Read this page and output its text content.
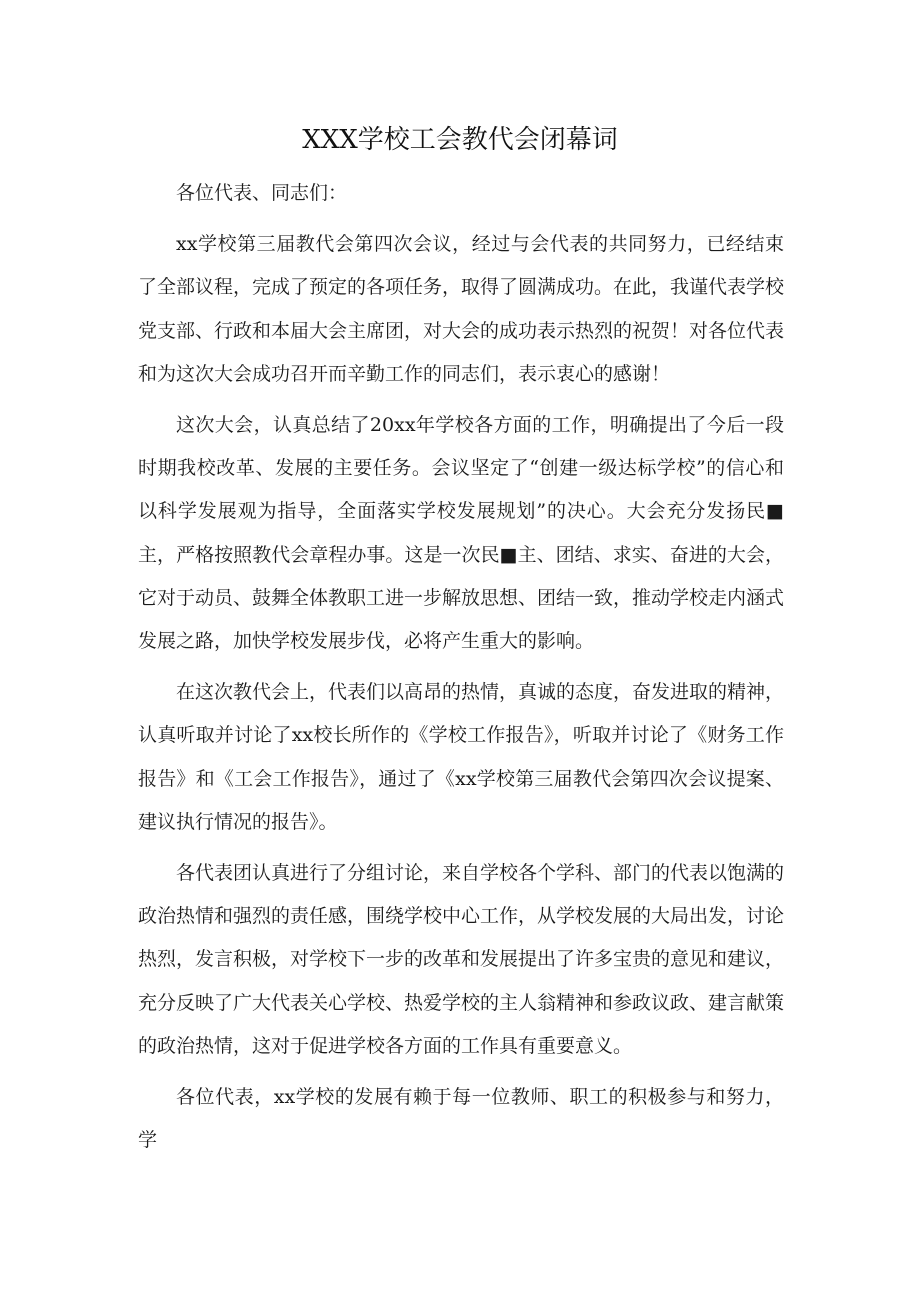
XXX学校工会教代会闭幕词

各位代表、同志们：

xx学校第三届教代会第四次会议，经过与会代表的共同努力，已经结束了全部议程，完成了预定的各项任务，取得了圆满成功。在此，我谨代表学校党支部、行政和本届大会主席团，对大会的成功表示热烈的祝贺！对各位代表和为这次大会成功召开而辛勤工作的同志们，表示衷心的感谢！

这次大会，认真总结了20xx年学校各方面的工作，明确提出了今后一段时期我校改革、发展的主要任务。会议坚定了“创建一级达标学校”的信心和以科学发展观为指导，全面落实学校发展规划”的决心。大会充分发扬民■主，严格按照教代会章程办事。这是一次民■主、团结、求实、奋进的大会，它对于动员、鼓舞全体教职工进一步解放思想、团结一致，推动学校走内涵式发展之路，加快学校发展步伐，必将产生重大的影响。

在这次教代会上，代表们以高昂的热情，真诚的态度，奋发进取的精神，认真听取并讨论了xx校长所作的《学校工作报告》，听取并讨论了《财务工作报告》和《工会工作报告》，通过了《xx学校第三届教代会第四次会议提案、建议执行情况的报告》。

各代表团认真进行了分组讨论，来自学校各个学科、部门的代表以饱满的政治热情和强烈的责任感，围绕学校中心工作，从学校发展的大局出发，讨论热烈，发言积极，对学校下一步的改革和发展提出了许多宝贵的意见和建议，充分反映了广大代表关心学校、热爱学校的主人翁精神和参政议政、建言献策的政治热情，这对于促进学校各方面的工作具有重要意义。

各位代表，xx学校的发展有赖于每一位教师、职工的积极参与和努力，学
